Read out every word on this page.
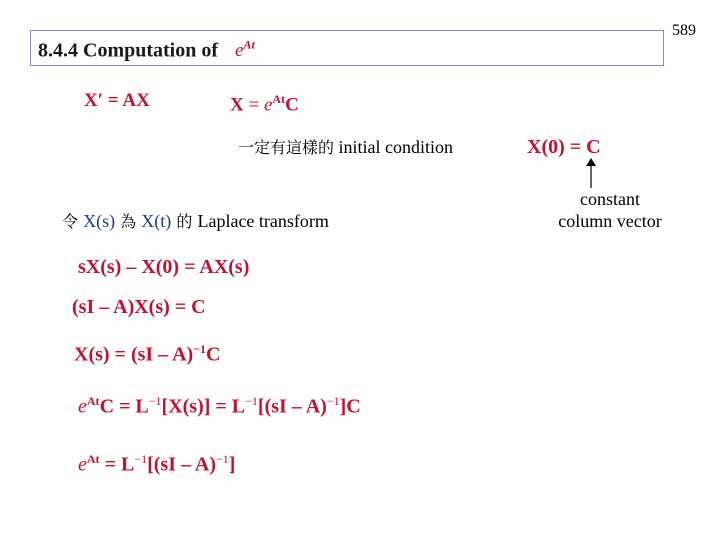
589
8.4.4 Computation of $e^{At}$
X′ = AX	$X = e^{At}C$
一定有這樣的 initial condition	X(0) = C
constant
column vector
令 X(s) 為 X(t) 的 Laplace transform
sX(s) – X(0) = AX(s)
(sI – A)X(s) = C
X(s) = (sI – A)$^{-1}$C
$e^{At}C = L^{-1}[X(s)] = L^{-1}[(sI - A)^{-1}]C$
$e^{At} = L^{-1}[(sI - A)^{-1}]$
